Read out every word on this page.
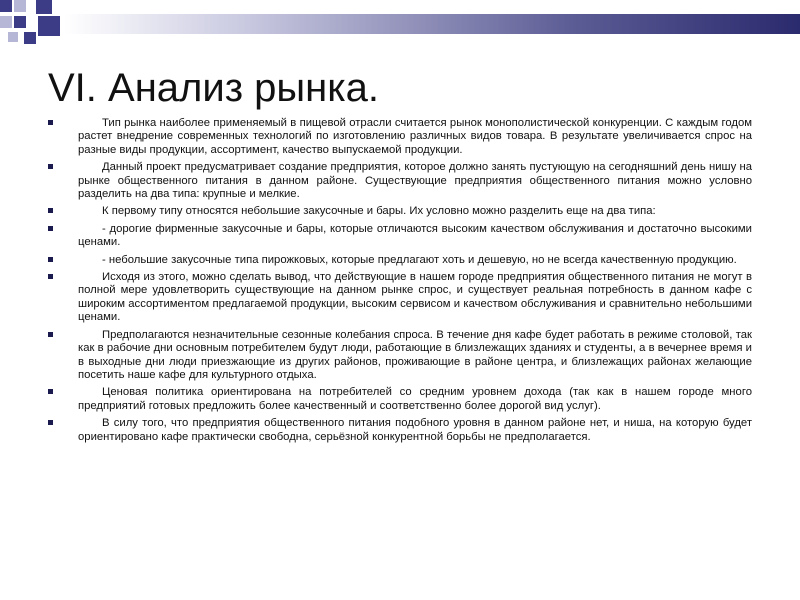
VI. Анализ рынка.
Тип рынка наиболее применяемый в пищевой отрасли считается рынок монополистической конкуренции. С каждым годом растет внедрение современных технологий по изготовлению различных видов товара. В результате увеличивается спрос на разные виды продукции, ассортимент, качество выпускаемой продукции.
Данный проект предусматривает создание предприятия, которое должно занять пустующую на сегодняшний день нишу на рынке общественного питания в данном районе. Существующие предприятия общественного питания можно условно разделить на два типа: крупные и мелкие.
К первому типу относятся небольшие закусочные и бары. Их условно можно разделить еще на два типа:
- дорогие фирменные закусочные и бары, которые отличаются высоким качеством обслуживания и достаточно высокими ценами.
- небольшие закусочные типа пирожковых, которые предлагают хоть и дешевую, но не всегда качественную продукцию.
Исходя из этого, можно сделать вывод, что действующие в нашем городе предприятия общественного питания не могут в полной мере удовлетворить существующие на данном рынке спрос, и существует реальная потребность в данном кафе с широким ассортиментом предлагаемой продукции, высоким сервисом и качеством обслуживания и сравнительно небольшими ценами.
Предполагаются незначительные сезонные колебания спроса. В течение дня кафе будет работать в режиме столовой, так как в рабочие дни основным потребителем будут люди, работающие в близлежащих зданиях и студенты, а в вечернее время и в выходные дни люди приезжающие из других районов, проживающие в районе центра, и близлежащих районах желающие посетить наше кафе для культурного отдыха.
Ценовая политика ориентирована на потребителей со средним уровнем дохода (так как в нашем городе много предприятий готовых предложить более качественный и соответственно более дорогой вид услуг).
В силу того, что предприятия общественного питания подобного уровня в данном районе нет, и ниша, на которую будет ориентировано кафе практически свободна, серьёзной конкурентной борьбы не предполагается.
